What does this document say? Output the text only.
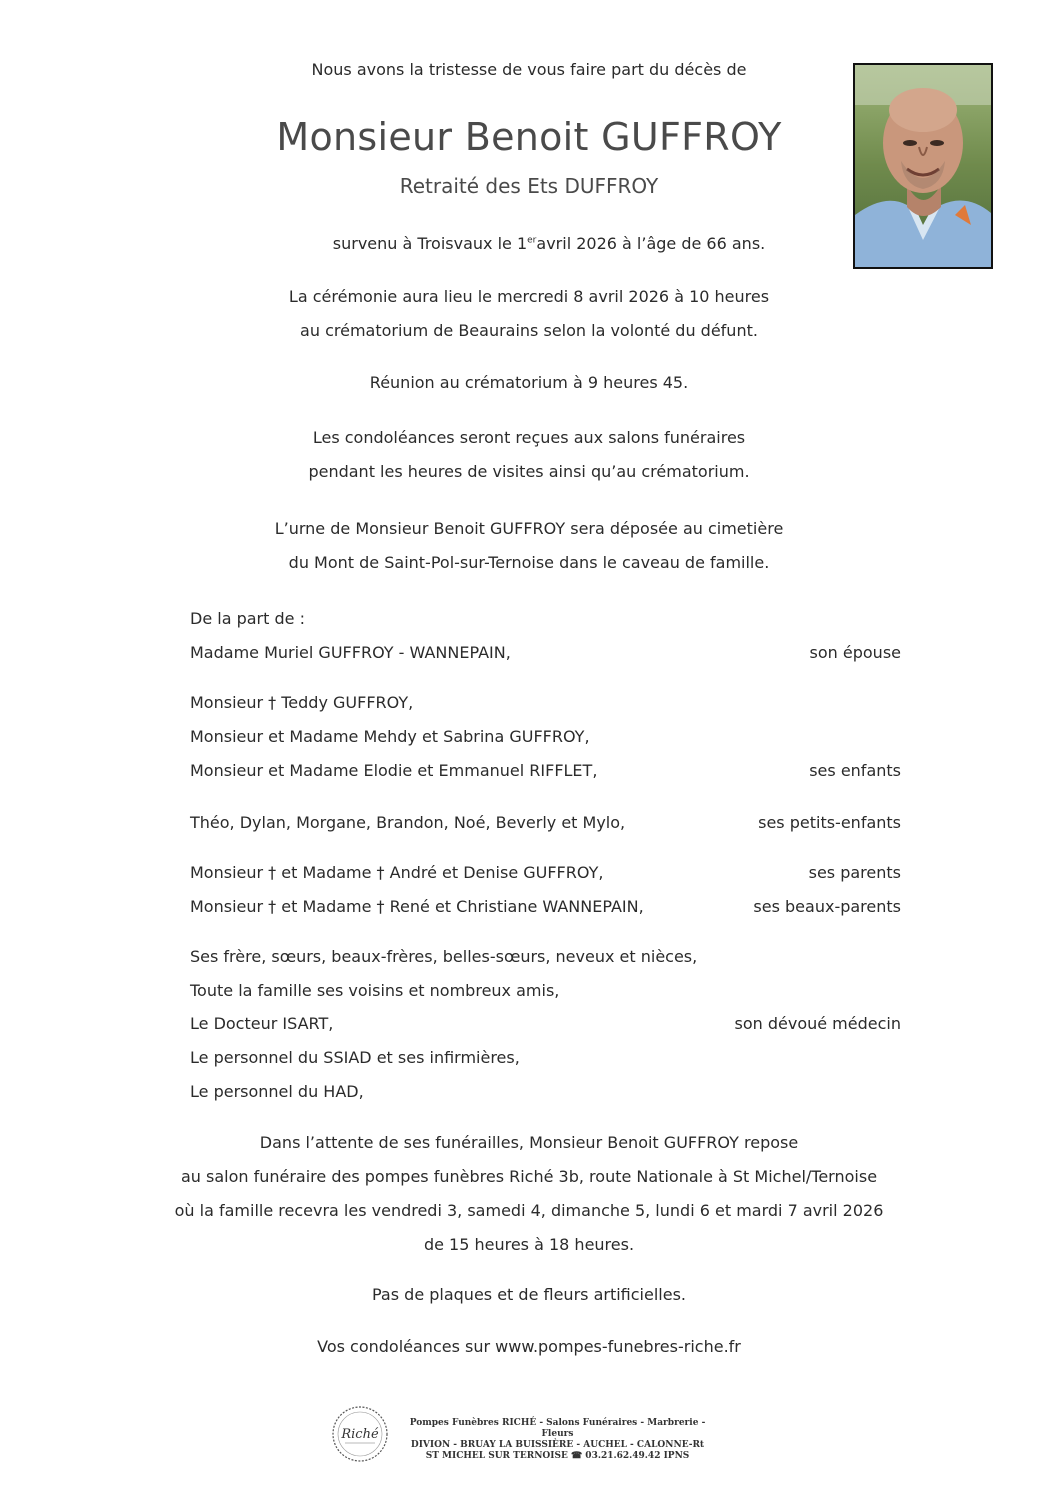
Nous avons la tristesse de vous faire part du décès de
Monsieur Benoit GUFFROY
Retraité des Ets DUFFROY
survenu à Troisvaux le 1eravril 2026 à l’âge de 66 ans.
La cérémonie aura lieu le mercredi 8 avril 2026 à 10 heures
au crématorium de Beaurains selon la volonté du défunt.
Réunion au crématorium à 9 heures 45.
Les condoléances seront reçues aux salons funéraires
pendant les heures de visites ainsi qu’au crématorium.
L’urne de Monsieur Benoit GUFFROY sera déposée au cimetière
du Mont de Saint-Pol-sur-Ternoise dans le caveau de famille.
De la part de :
Madame Muriel GUFFROY - WANNEPAIN,	son épouse
Monsieur † Teddy GUFFROY,
Monsieur et Madame Mehdy et Sabrina GUFFROY,
Monsieur et Madame Elodie et Emmanuel RIFFLET,	ses enfants
Théo, Dylan, Morgane, Brandon, Noé, Beverly et Mylo,	ses petits-enfants
Monsieur † et Madame † André et Denise GUFFROY,	ses parents
Monsieur † et Madame † René et Christiane WANNEPAIN,	ses beaux-parents
Ses frère, sœurs, beaux-frères, belles-sœurs, neveux et nièces,
Toute la famille ses voisins et nombreux amis,
Le Docteur ISART,	son dévoué médecin
Le personnel du SSIAD et ses infirmières,
Le personnel du HAD,
Dans l’attente de ses funérailles, Monsieur Benoit GUFFROY repose
au salon funéraire des pompes funèbres Riché 3b, route Nationale à St Michel/Ternoise
où la famille recevra les vendredi 3, samedi 4, dimanche 5, lundi 6 et mardi 7 avril 2026
de 15 heures à 18 heures.
Pas de plaques et de fleurs artificielles.
Vos condoléances sur www.pompes-funebres-riche.fr
Riché
Pompes Funèbres RICHÉ - Salons Funéraires - Marbrerie - Fleurs
DIVION - BRUAY LA BUISSIÈRE - AUCHEL - CALONNE-Rt
ST MICHEL SUR TERNOISE ☎ 03.21.62.49.42 IPNS
